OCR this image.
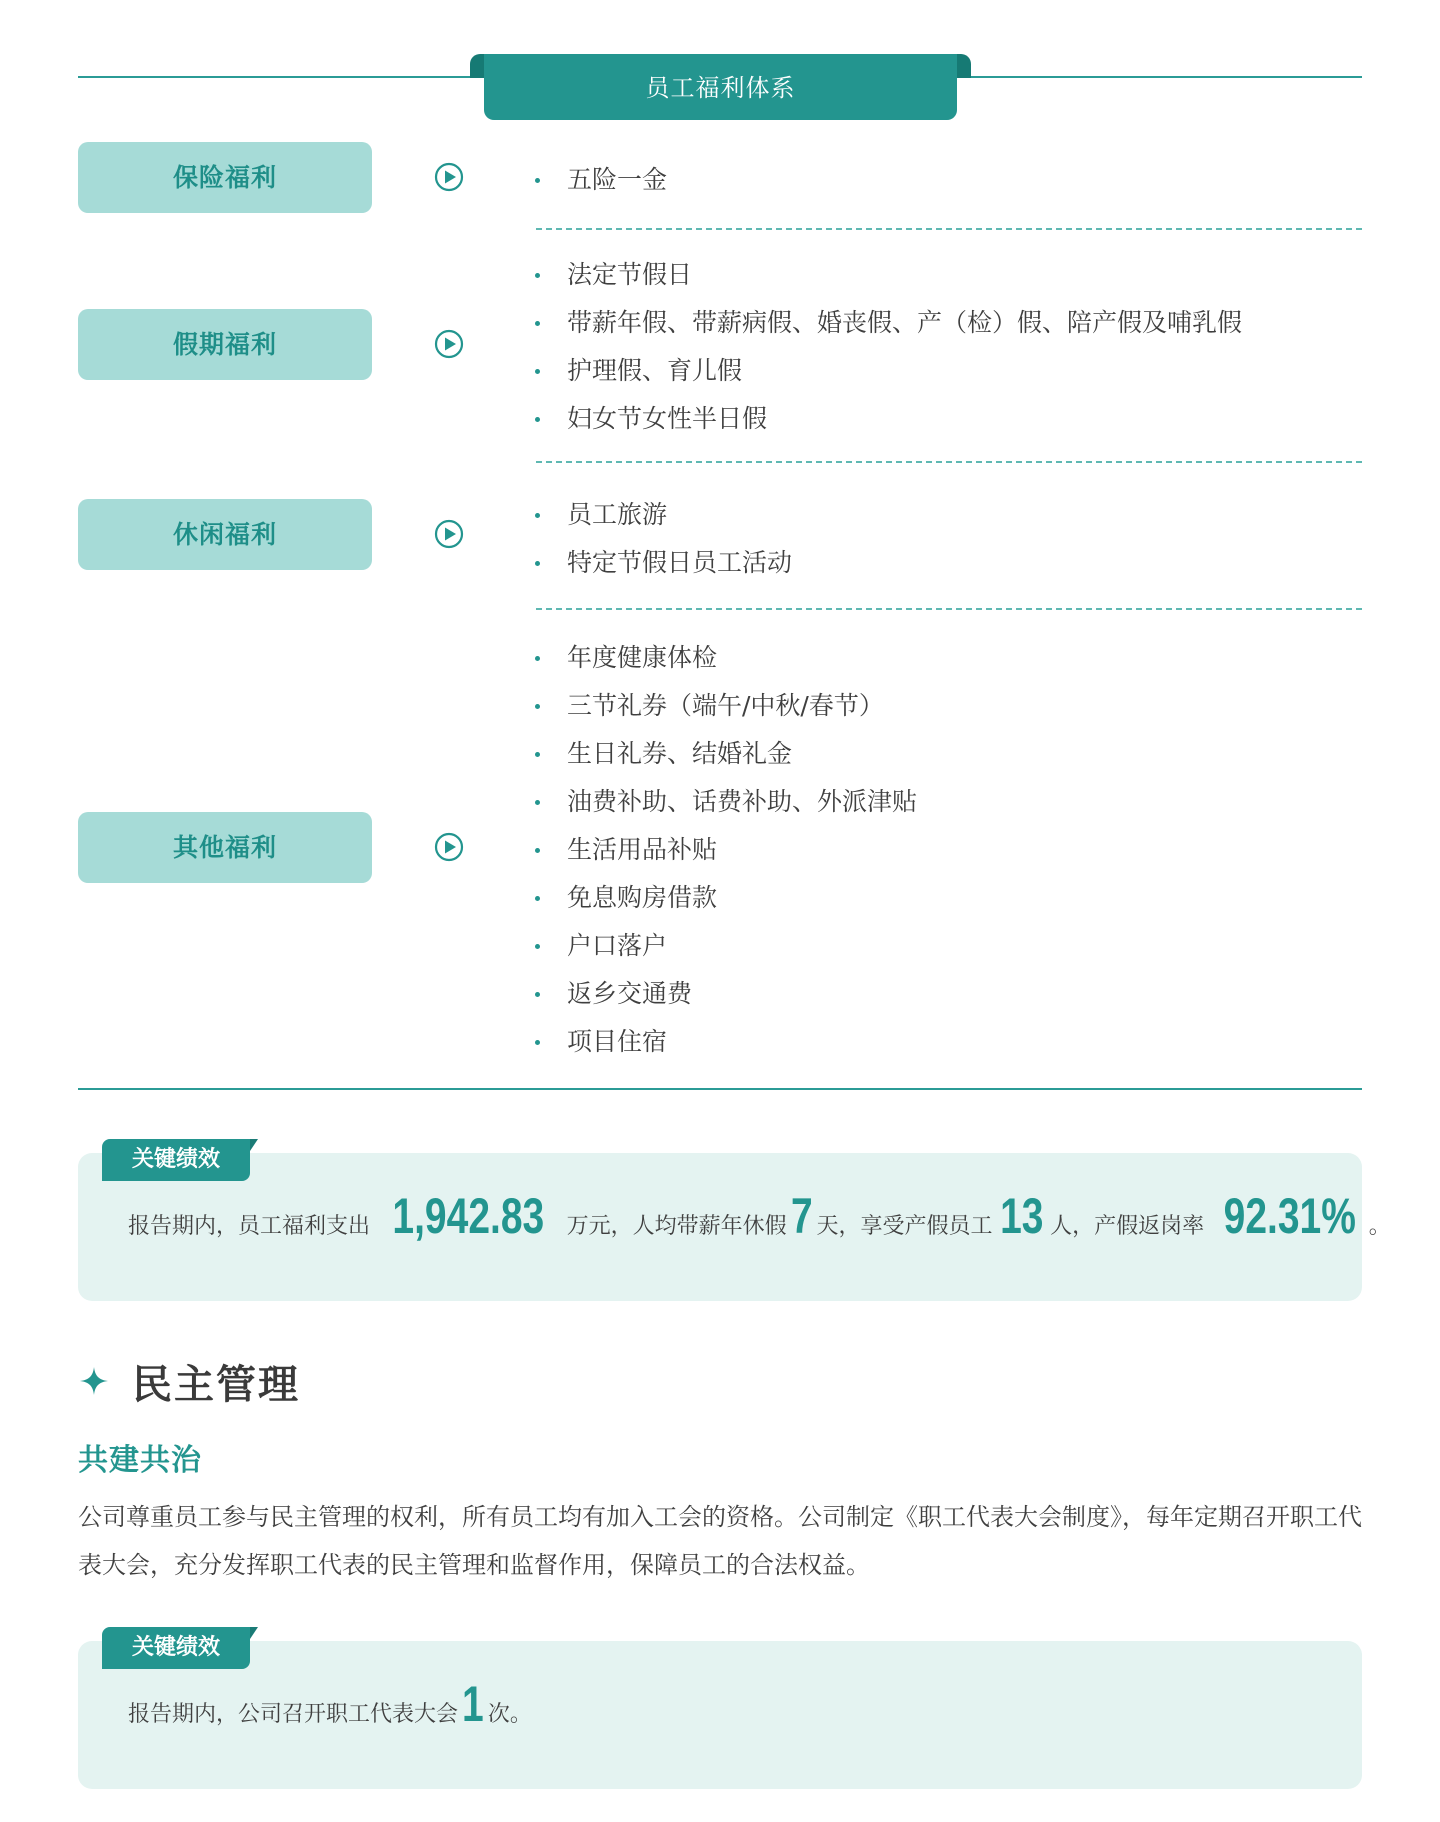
员工福利体系
保险福利	五险一金
假期福利
法定节假日
带薪年假、带薪病假、婚丧假、产（检）假、陪产假及哺乳假
护理假、育儿假
妇女节女性半日假
休闲福利
员工旅游
特定节假日员工活动
其他福利
年度健康体检
三节礼券（端午/中秋/春节）
生日礼券、结婚礼金
油费补助、话费补助、外派津贴
生活用品补贴
免息购房借款
户口落户
返乡交通费
项目住宿
关键绩效
报告期内，员工福利支出 1,942.83 万元，人均带薪年休假 7 天，享受产假员工 13 人，产假返岗率 92.31% 。
民主管理
共建共治
公司尊重员工参与民主管理的权利，所有员工均有加入工会的资格。公司制定《职工代表大会制度》，每年定期召开职工代表大会，充分发挥职工代表的民主管理和监督作用，保障员工的合法权益。
关键绩效
报告期内，公司召开职工代表大会 1 次。
